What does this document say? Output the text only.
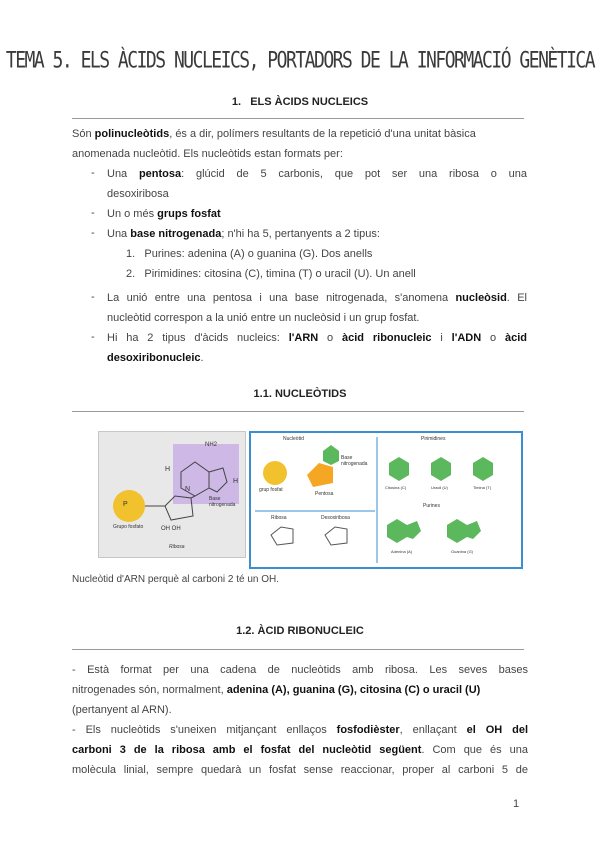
TEMA 5. ELS ÀCIDS NUCLEICS, PORTADORS DE LA INFORMACIÓ GENÈTICA
1. ELS ÀCIDS NUCLEICS
Són polinucleòtids, és a dir, polímers resultants de la repetició d'una unitat bàsica
anomenada nucleòtid. Els nucleòtids estan formats per:
- Una pentosa: glúcid de 5 carbonis, que pot ser una ribosa o una
desoxiribosa
- Un o més grups fosfat
- Una base nitrogenada; n'hi ha 5, pertanyents a 2 tipus:
1. Purines: adenina (A) o guanina (G). Dos anells
2. Pirimidines: citosina (C), timina (T) o uracil (U). Un anell
- La unió entre una pentosa i una base nitrogenada, s'anomena nucleòsid. El
nucleòtid correspon a la unió entre un nucleòsid i un grup fosfat.
- Hi ha 2 tipus d'àcids nucleics: l'ARN o àcid ribonucleic i l'ADN o àcid
desoxiribonucleic.
1.1. NUCLEÒTIDS
NH2
H
H
N
P
Base nitrogenada
Grupo fosfato	OH OH
Ribosa
Nucleòtid	Pirimidines
Base nitrogenada
grup fosfat
Pentosa
Ribosa	Desoxiribosa
Citosina (C)	Uracil (U)	Timina (T)
Purines
Adenina (A)	Guanina (G)
Nucleòtid d'ARN perquè al carboni 2 té un OH.
1.2. ÀCID RIBONUCLEIC
- Està format per una cadena de nucleòtids amb ribosa. Les seves bases
nitrogenades són, normalment, adenina (A), guanina (G), citosina (C) o uracil (U)
(pertanyent al ARN).
- Els nucleòtids s'uneixen mitjançant enllaços fosfodièster, enllaçant el OH del
carboni 3 de la ribosa amb el fosfat del nucleòtid següent. Com que és una
molècula linial, sempre quedarà un fosfat sense reaccionar, proper al carboni 5 de
1
